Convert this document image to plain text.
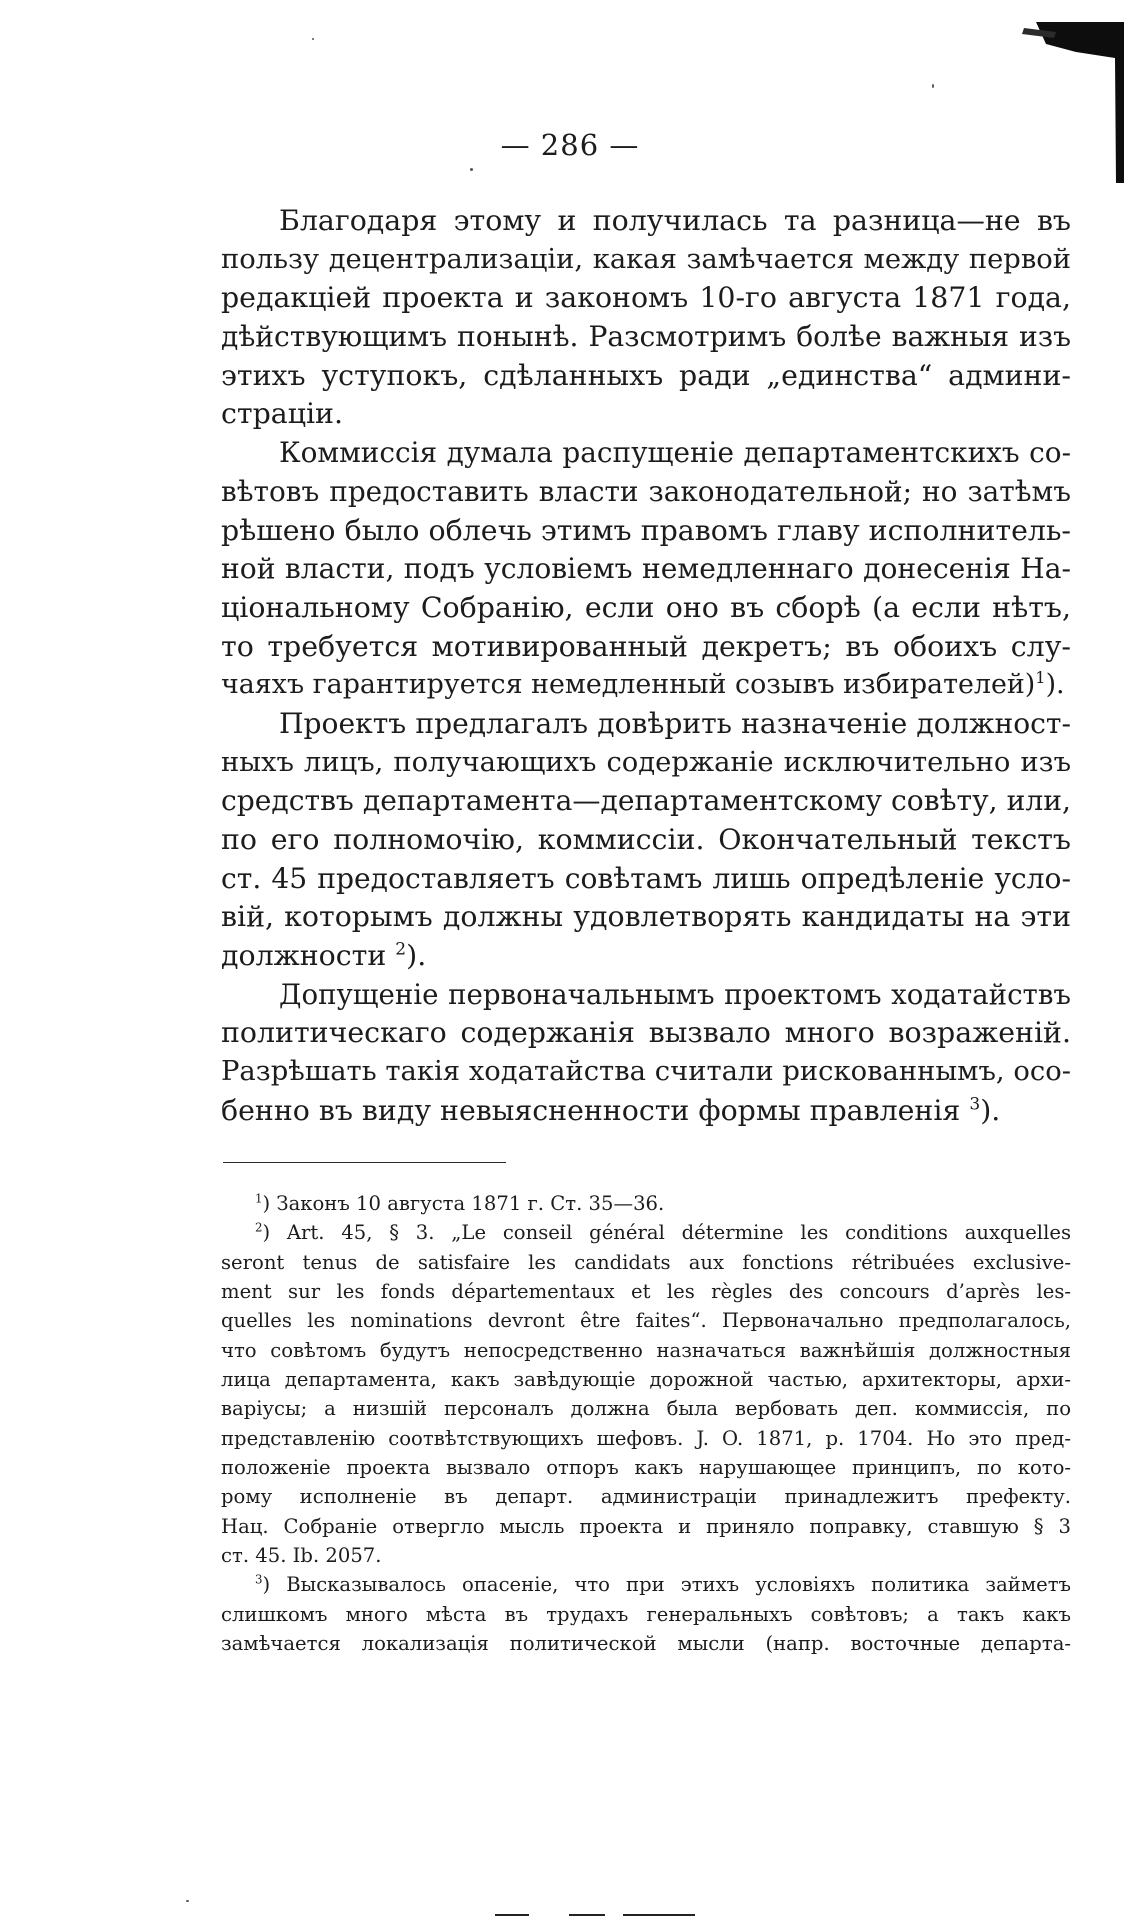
— 286 —
Благодаря этому и получилась та разница—не въ
пользу децентрализаціи, какая замѣчается между первой
редакціей проекта и закономъ 10-го августа 1871 года,
дѣйствующимъ понынѣ. Разсмотримъ болѣе важныя изъ
этихъ уступокъ, сдѣланныхъ ради „единства“ админи-
страціи.
Коммиссія думала распущеніе департаментскихъ со-
вѣтовъ предоставить власти законодательной; но затѣмъ
рѣшено было облечь этимъ правомъ главу исполнитель-
ной власти, подъ условіемъ немедленнаго донесенія На-
ціональному Собранію, если оно въ сборѣ (а если нѣтъ,
то требуется мотивированный декретъ; въ обоихъ слу-
чаяхъ гарантируется немедленный созывъ избирателей)$^1$).
Проектъ предлагалъ довѣрить назначеніе должност-
ныхъ лицъ, получающихъ содержаніе исключительно изъ
средствъ департамента—департаментскому совѣту, или,
по его полномочію, коммиссіи. Окончательный текстъ
ст. 45 предоставляетъ совѣтамъ лишь опредѣленіе усло-
вій, которымъ должны удовлетворять кандидаты на эти
должности $^2$).
Допущеніе первоначальнымъ проектомъ ходатайствъ
политическаго содержанія вызвало много возраженій.
Разрѣшать такія ходатайства считали рискованнымъ, осо-
бенно въ виду невыясненности формы правленія $^3$).
$^1$) Законъ 10 августа 1871 г. Ст. 35—36.
$^2$) Art. 45, § 3. „Le conseil général détermine les conditions auxquelles
seront tenus de satisfaire les candidats aux fonctions rétribuées exclusive-
ment sur les fonds départementaux et les règles des concours d’après les-
quelles les nominations devront être faites“. Первоначально предполагалось,
что совѣтомъ будутъ непосредственно назначаться важнѣйшія должностныя
лица департамента, какъ завѣдующіе дорожной частью, архитекторы, архи-
варіусы; а низшій персоналъ должна была вербовать деп. коммиссія, по
представленію соотвѣтствующихъ шефовъ. J. O. 1871, p. 1704. Но это пред-
положеніе проекта вызвало отпоръ какъ нарушающее принципъ, по кото-
рому исполненіе въ департ. администраціи принадлежитъ префекту.
Нац. Собраніе отвергло мысль проекта и приняло поправку, ставшую § 3
ст. 45. Ib. 2057.
$^3$) Высказывалось опасеніе, что при этихъ условіяхъ политика займетъ
слишкомъ много мѣста въ трудахъ генеральныхъ совѣтовъ; а такъ какъ
замѣчается локализація политической мысли (напр. восточные департа-
